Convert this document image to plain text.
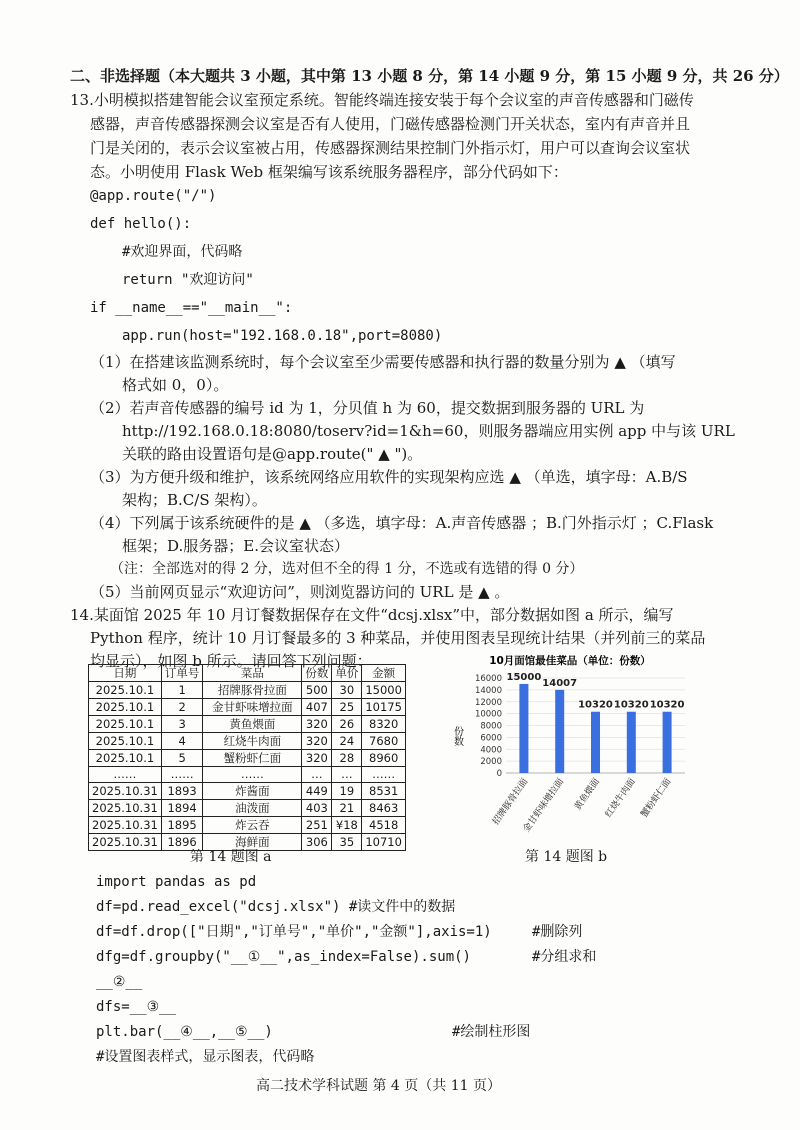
二、非选择题（本大题共 3 小题，其中第 13 小题 8 分，第 14 小题 9 分，第 15 小题 9 分，共 26 分）
13.小明模拟搭建智能会议室预定系统。智能终端连接安装于每个会议室的声音传感器和门磁传
感器，声音传感器探测会议室是否有人使用，门磁传感器检测门开关状态，室内有声音并且
门是关闭的，表示会议室被占用，传感器探测结果控制门外指示灯，用户可以查询会议室状
态。小明使用 Flask Web 框架编写该系统服务器程序，部分代码如下：
@app.route("/")
def hello():
#欢迎界面，代码略
return "欢迎访问"
if __name__=="__main__":
app.run(host="192.168.0.18",port=8080)
（1）在搭建该监测系统时，每个会议室至少需要传感器和执行器的数量分别为 ▲ （填写
格式如 0，0）。
（2）若声音传感器的编号 id 为 1，分贝值 h 为 60，提交数据到服务器的 URL 为
http://192.168.0.18:8080/toserv?id=1&h=60，则服务器端应用实例 app 中与该 URL
关联的路由设置语句是@app.route(" ▲ ")。
（3）为方便升级和维护，该系统网络应用软件的实现架构应选 ▲ （单选，填字母：A.B/S
架构；B.C/S 架构）。
（4）下列属于该系统硬件的是 ▲ （多选，填字母：A.声音传感器 ；B.门外指示灯 ；C.Flask
框架；D.服务器；E.会议室状态）
（注：全部选对的得 2 分，选对但不全的得 1 分，不选或有选错的得 0 分）
（5）当前网页显示“欢迎访问”，则浏览器访问的 URL 是 ▲ 。
14.某面馆 2025 年 10 月订餐数据保存在文件“dcsj.xlsx”中，部分数据如图 a 所示，编写
Python 程序，统计 10 月订餐最多的 3 种菜品，并使用图表呈现统计结果（并列前三的菜品
均显示），如图 b 所示。请回答下列问题：
日期	订单号	菜品	份数	单价	金额
2025.10.1	1	招牌豚骨拉面	500	30	15000
2025.10.1	2	金甘虾味增拉面	407	25	10175
2025.10.1	3	黄鱼煨面	320	26	8320
2025.10.1	4	红烧牛肉面	320	24	7680
2025.10.1	5	蟹粉虾仁面	320	28	8960
……	……	……	…	…	……
2025.10.31	1893	炸酱面	449	19	8531
2025.10.31	1894	油泼面	403	21	8463
2025.10.31	1895	炸云吞	251	¥18	4518
2025.10.31	1896	海鲜面	306	35	10710
第 14 题图 a
10月面馆最佳菜品（单位：份数）
份数
0
2000
4000
6000
8000
10000
12000
14000
16000 15000
14007
10320 10320 10320
招牌豚骨拉面
金甘虾味增拉面 黄鱼煨面 红烧牛肉面 蟹粉虾仁面
第 14 题图 b
import pandas as pd
df=pd.read_excel("dcsj.xlsx") #读文件中的数据
df=df.drop(["日期","订单号","单价","金额"],axis=1)	#删除列
dfg=df.groupby("__①__",as_index=False).sum()	#分组求和
__②__
dfs=__③__
plt.bar(__④__,__⑤__)	#绘制柱形图
#设置图表样式，显示图表，代码略
高二技术学科试题 第 4 页（共 11 页）
